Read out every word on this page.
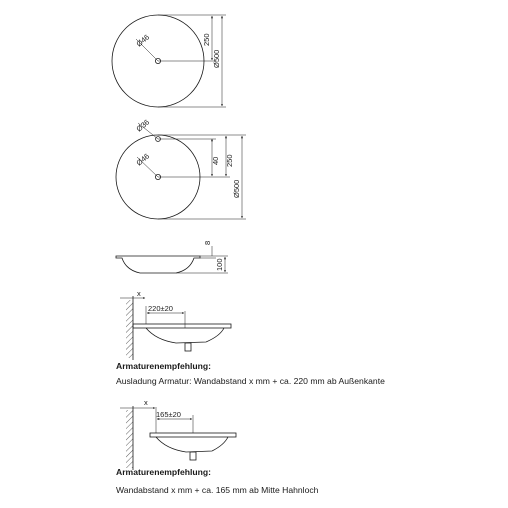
Ø46	250
Ø500
Ø36
Ø46	40 250
Ø500
8
100
x
220±20
x
165±20
Armaturenempfehlung:
Ausladung Armatur: Wandabstand x mm + ca. 220 mm ab Außenkante
Armaturenempfehlung:
Wandabstand x mm + ca. 165 mm ab Mitte Hahnloch
